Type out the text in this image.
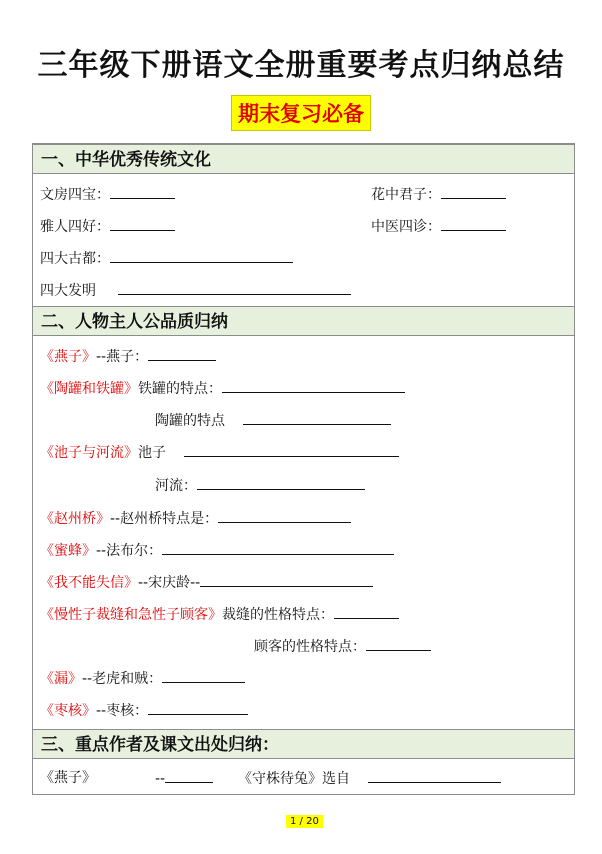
三年级下册语文全册重要考点归纳总结
期末复习必备
一、中华优秀传统文化
文房四宝：	花中君子：
雅人四好：	中医四诊：
四大古都：
四大发明
二、人物主人公品质归纳
《燕子》--燕子：
《陶罐和铁罐》铁罐的特点：
陶罐的特点
《池子与河流》池子
河流：
《赵州桥》--赵州桥特点是：
《蜜蜂》--法布尔：
《我不能失信》--宋庆龄--
《慢性子裁缝和急性子顾客》裁缝的性格特点：
顾客的性格特点：
《漏》--老虎和贼：
《枣核》--枣核：
三、重点作者及课文出处归纳：
《燕子》	--	《守株待兔》选自
1 / 20
